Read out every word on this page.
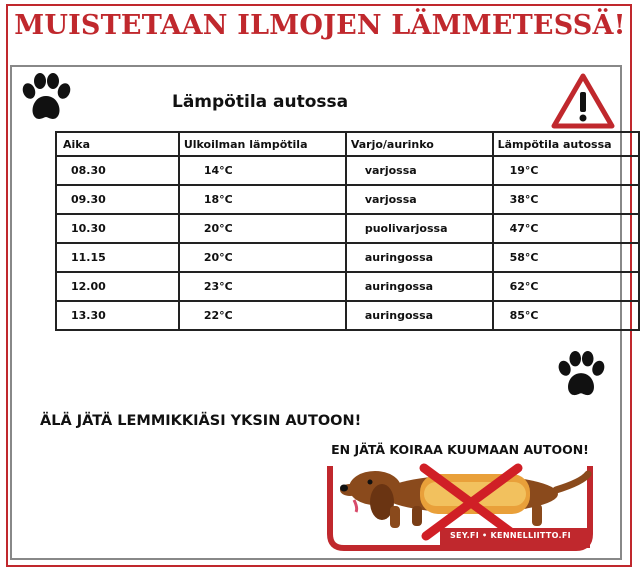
MUISTETAAN ILMOJEN LÄMMETESSÄ!
Lämpötila autossa
Aika	Ulkoilman lämpötila	Varjo/aurinko	Lämpötila autossa
08.30	14°C	varjossa	19°C
09.30	18°C	varjossa	38°C
10.30	20°C	puolivarjossa	47°C
11.15	20°C	auringossa	58°C
12.00	23°C	auringossa	62°C
13.30	22°C	auringossa	85°C
ÄLÄ JÄTÄ LEMMIKKIÄSI YKSIN AUTOON!
EN JÄTÄ KOIRAA KUUMAAN AUTOON!
SEY.FI • KENNELLIITTO.FI
